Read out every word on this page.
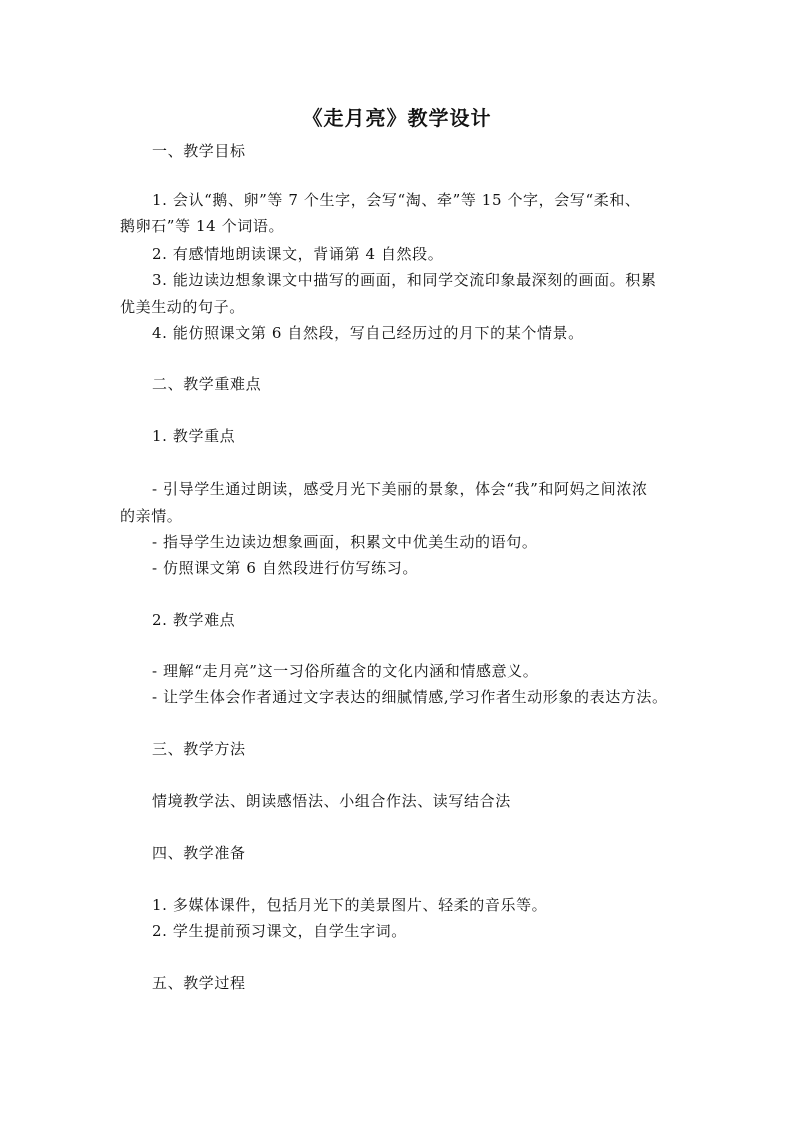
《走月亮》教学设计
一、教学目标
1. 会认“鹅、卵”等 7 个生字，会写“淘、牵”等 15 个字，会写“柔和、
鹅卵石”等 14 个词语。
2. 有感情地朗读课文，背诵第 4 自然段。
3. 能边读边想象课文中描写的画面，和同学交流印象最深刻的画面。积累
优美生动的句子。
4. 能仿照课文第 6 自然段，写自己经历过的月下的某个情景。
二、教学重难点
1. 教学重点
- 引导学生通过朗读，感受月光下美丽的景象，体会“我”和阿妈之间浓浓
的亲情。
- 指导学生边读边想象画面，积累文中优美生动的语句。
- 仿照课文第 6 自然段进行仿写练习。
2. 教学难点
- 理解“走月亮”这一习俗所蕴含的文化内涵和情感意义。
- 让学生体会作者通过文字表达的细腻情感,学习作者生动形象的表达方法。
三、教学方法
情境教学法、朗读感悟法、小组合作法、读写结合法
四、教学准备
1. 多媒体课件，包括月光下的美景图片、轻柔的音乐等。
2. 学生提前预习课文，自学生字词。
五、教学过程
